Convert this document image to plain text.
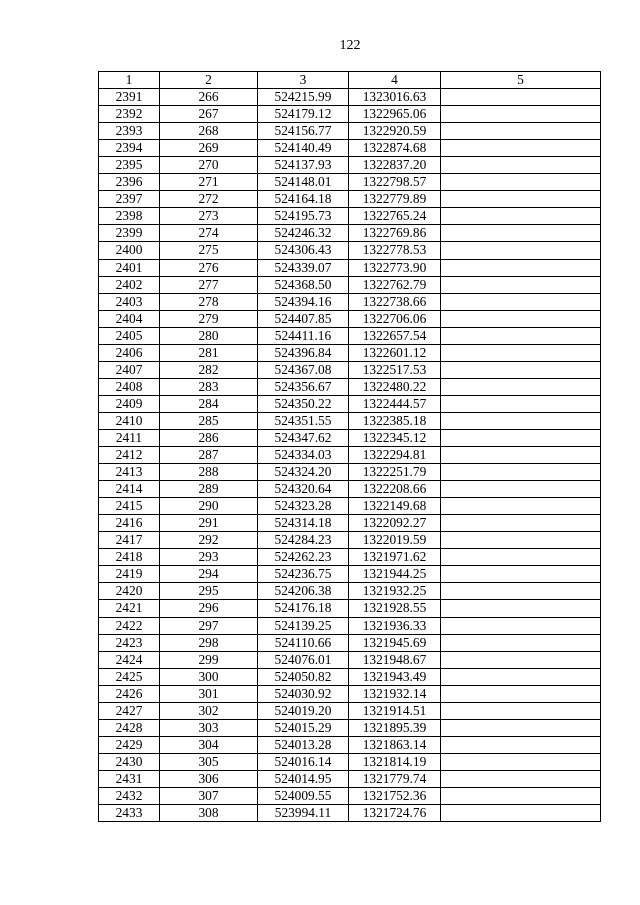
122
1	2	3	4	5
2391	266	524215.99	1323016.63	
2392	267	524179.12	1322965.06	
2393	268	524156.77	1322920.59	
2394	269	524140.49	1322874.68	
2395	270	524137.93	1322837.20	
2396	271	524148.01	1322798.57	
2397	272	524164.18	1322779.89	
2398	273	524195.73	1322765.24	
2399	274	524246.32	1322769.86	
2400	275	524306.43	1322778.53	
2401	276	524339.07	1322773.90	
2402	277	524368.50	1322762.79	
2403	278	524394.16	1322738.66	
2404	279	524407.85	1322706.06	
2405	280	524411.16	1322657.54	
2406	281	524396.84	1322601.12	
2407	282	524367.08	1322517.53	
2408	283	524356.67	1322480.22	
2409	284	524350.22	1322444.57	
2410	285	524351.55	1322385.18	
2411	286	524347.62	1322345.12	
2412	287	524334.03	1322294.81	
2413	288	524324.20	1322251.79	
2414	289	524320.64	1322208.66	
2415	290	524323.28	1322149.68	
2416	291	524314.18	1322092.27	
2417	292	524284.23	1322019.59	
2418	293	524262.23	1321971.62	
2419	294	524236.75	1321944.25	
2420	295	524206.38	1321932.25	
2421	296	524176.18	1321928.55	
2422	297	524139.25	1321936.33	
2423	298	524110.66	1321945.69	
2424	299	524076.01	1321948.67	
2425	300	524050.82	1321943.49	
2426	301	524030.92	1321932.14	
2427	302	524019.20	1321914.51	
2428	303	524015.29	1321895.39	
2429	304	524013.28	1321863.14	
2430	305	524016.14	1321814.19	
2431	306	524014.95	1321779.74	
2432	307	524009.55	1321752.36	
2433	308	523994.11	1321724.76	
